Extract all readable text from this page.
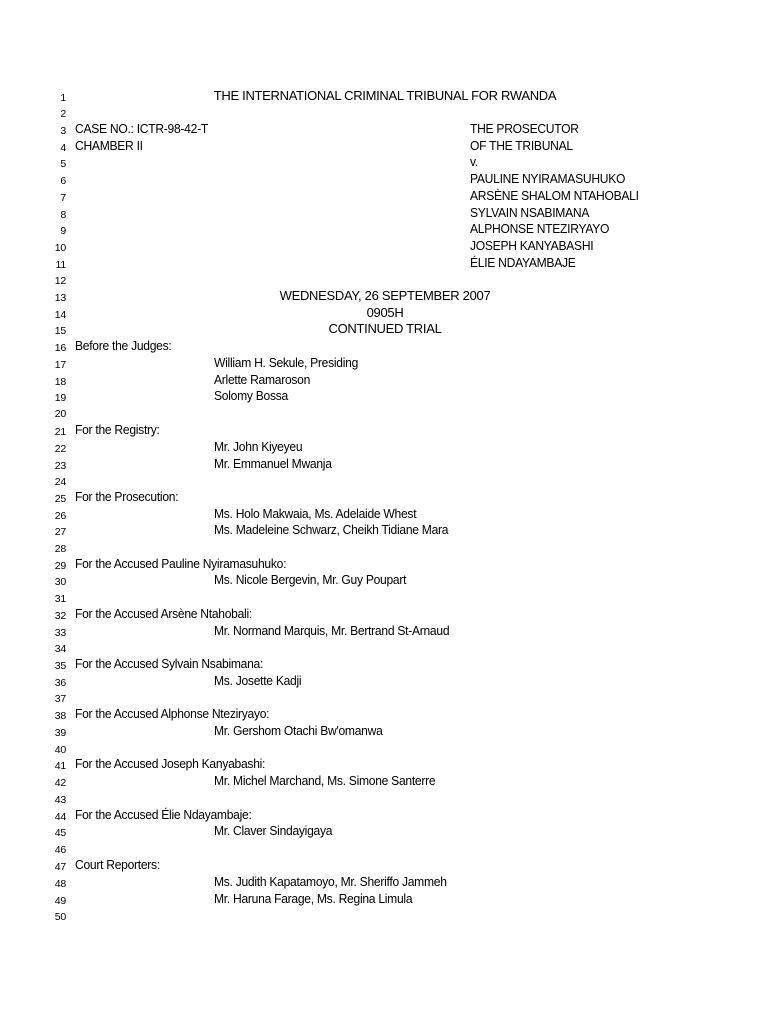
1	THE INTERNATIONAL CRIMINAL TRIBUNAL FOR RWANDA
2
3 CASE NO.: ICTR-98-42-T	THE PROSECUTOR
4 CHAMBER II	OF THE TRIBUNAL
5	v.
6	PAULINE NYIRAMASUHUKO
7	ARSÈNE SHALOM NTAHOBALI
8	SYLVAIN NSABIMANA
9	ALPHONSE NTEZIRYAYO
10	JOSEPH KANYABASHI
11	ÉLIE NDAYAMBAJE
12
13	WEDNESDAY, 26 SEPTEMBER 2007
14	0905H
15	CONTINUED TRIAL
16 Before the Judges:
17	William H. Sekule, Presiding
18	Arlette Ramaroson
19	Solomy Bossa
20
21 For the Registry:
22	Mr. John Kiyeyeu
23	Mr. Emmanuel Mwanja
24
25 For the Prosecution:
26	Ms. Holo Makwaia, Ms. Adelaide Whest
27	Ms. Madeleine Schwarz, Cheikh Tidiane Mara
28
29 For the Accused Pauline Nyiramasuhuko:
30	Ms. Nicole Bergevin, Mr. Guy Poupart
31
32 For the Accused Arsène Ntahobali:
33	Mr. Normand Marquis, Mr. Bertrand St-Arnaud
34
35 For the Accused Sylvain Nsabimana:
36	Ms. Josette Kadji
37
38 For the Accused Alphonse Nteziryayo:
39	Mr. Gershom Otachi Bw'omanwa
40
41 For the Accused Joseph Kanyabashi:
42	Mr. Michel Marchand, Ms. Simone Santerre
43
44 For the Accused Élie Ndayambaje:
45	Mr. Claver Sindayigaya
46
47 Court Reporters:
48	Ms. Judith Kapatamoyo, Mr. Sheriffo Jammeh
49	Mr. Haruna Farage, Ms. Regina Limula
50
